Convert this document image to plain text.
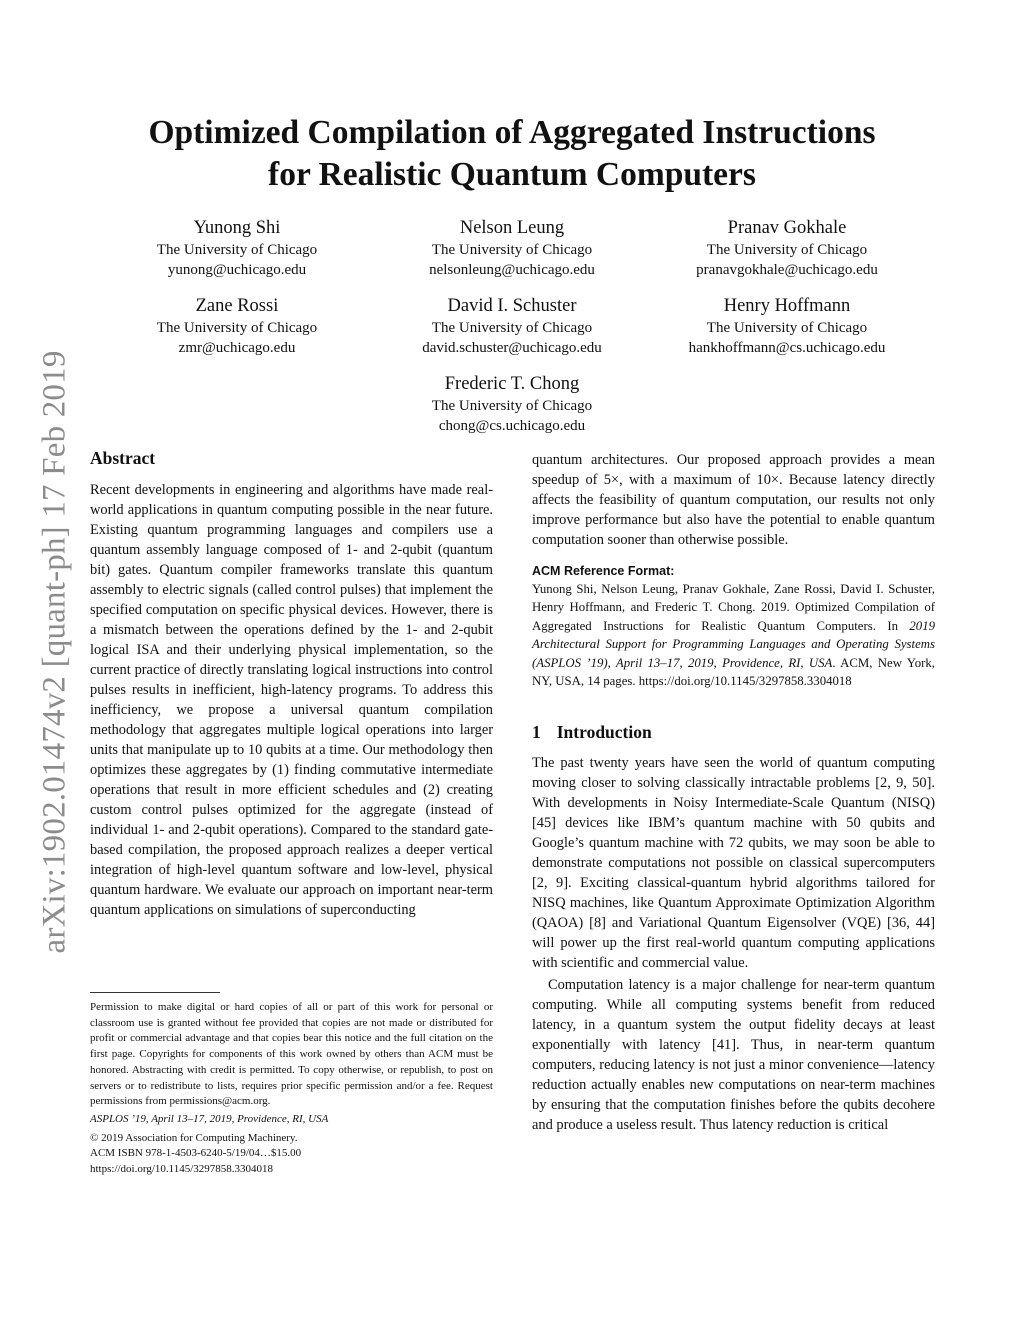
arXiv:1902.01474v2 [quant-ph] 17 Feb 2019
Optimized Compilation of Aggregated Instructions
for Realistic Quantum Computers
Yunong Shi
The University of Chicago
yunong@uchicago.edu
Nelson Leung
The University of Chicago
nelsonleung@uchicago.edu
Pranav Gokhale
The University of Chicago
pranavgokhale@uchicago.edu
Zane Rossi
The University of Chicago
zmr@uchicago.edu
David I. Schuster
The University of Chicago
david.schuster@uchicago.edu
Henry Hoffmann
The University of Chicago
hankhoffmann@cs.uchicago.edu
Frederic T. Chong
The University of Chicago
chong@cs.uchicago.edu
Abstract

Recent developments in engineering and algorithms have made real-world applications in quantum computing possible in the near future. Existing quantum programming languages and compilers use a quantum assembly language composed of 1- and 2-qubit (quantum bit) gates. Quantum compiler frameworks translate this quantum assembly to electric signals (called control pulses) that implement the specified computation on specific physical devices. However, there is a mismatch between the operations defined by the 1- and 2-qubit logical ISA and their underlying physical implementation, so the current practice of directly translating logical instructions into control pulses results in inefficient, high-latency programs. To address this inefficiency, we propose a universal quantum compilation methodology that aggregates multiple logical operations into larger units that manipulate up to 10 qubits at a time. Our methodology then optimizes these aggregates by (1) finding commutative intermediate operations that result in more efficient schedules and (2) creating custom control pulses optimized for the aggregate (instead of individual 1- and 2-qubit operations). Compared to the standard gate-based compilation, the proposed approach realizes a deeper vertical integration of high-level quantum software and low-level, physical quantum hardware. We evaluate our approach on important near-term quantum applications on simulations of superconducting

Permission to make digital or hard copies of all or part of this work for personal or classroom use is granted without fee provided that copies are not made or distributed for profit or commercial advantage and that copies bear this notice and the full citation on the first page. Copyrights for components of this work owned by others than ACM must be honored. Abstracting with credit is permitted. To copy otherwise, or republish, to post on servers or to redistribute to lists, requires prior specific permission and/or a fee. Request permissions from permissions@acm.org.

ASPLOS ’19, April 13–17, 2019, Providence, RI, USA

© 2019 Association for Computing Machinery.

ACM ISBN 978-1-4503-6240-5/19/04…$15.00

https://doi.org/10.1145/3297858.3304018

quantum architectures. Our proposed approach provides a mean speedup of 5×, with a maximum of 10×. Because latency directly affects the feasibility of quantum computation, our results not only improve performance but also have the potential to enable quantum computation sooner than otherwise possible.

ACM Reference Format:

Yunong Shi, Nelson Leung, Pranav Gokhale, Zane Rossi, David I. Schuster, Henry Hoffmann, and Frederic T. Chong. 2019. Optimized Compilation of Aggregated Instructions for Realistic Quantum Computers. In 2019 Architectural Support for Programming Languages and Operating Systems (ASPLOS ’19), April 13–17, 2019, Providence, RI, USA. ACM, New York, NY, USA, 14 pages. https://doi.org/10.1145/3297858.3304018

1 Introduction

The past twenty years have seen the world of quantum computing moving closer to solving classically intractable problems [2, 9, 50]. With developments in Noisy Intermediate-Scale Quantum (NISQ) [45] devices like IBM’s quantum machine with 50 qubits and Google’s quantum machine with 72 qubits, we may soon be able to demonstrate computations not possible on classical supercomputers [2, 9]. Exciting classical-quantum hybrid algorithms tailored for NISQ machines, like Quantum Approximate Optimization Algorithm (QAOA) [8] and Variational Quantum Eigensolver (VQE) [36, 44] will power up the first real-world quantum computing applications with scientific and commercial value.

Computation latency is a major challenge for near-term quantum computing. While all computing systems benefit from reduced latency, in a quantum system the output fidelity decays at least exponentially with latency [41]. Thus, in near-term quantum computers, reducing latency is not just a minor convenience—latency reduction actually enables new computations on near-term machines by ensuring that the computation finishes before the qubits decohere and produce a useless result. Thus latency reduction is critical
